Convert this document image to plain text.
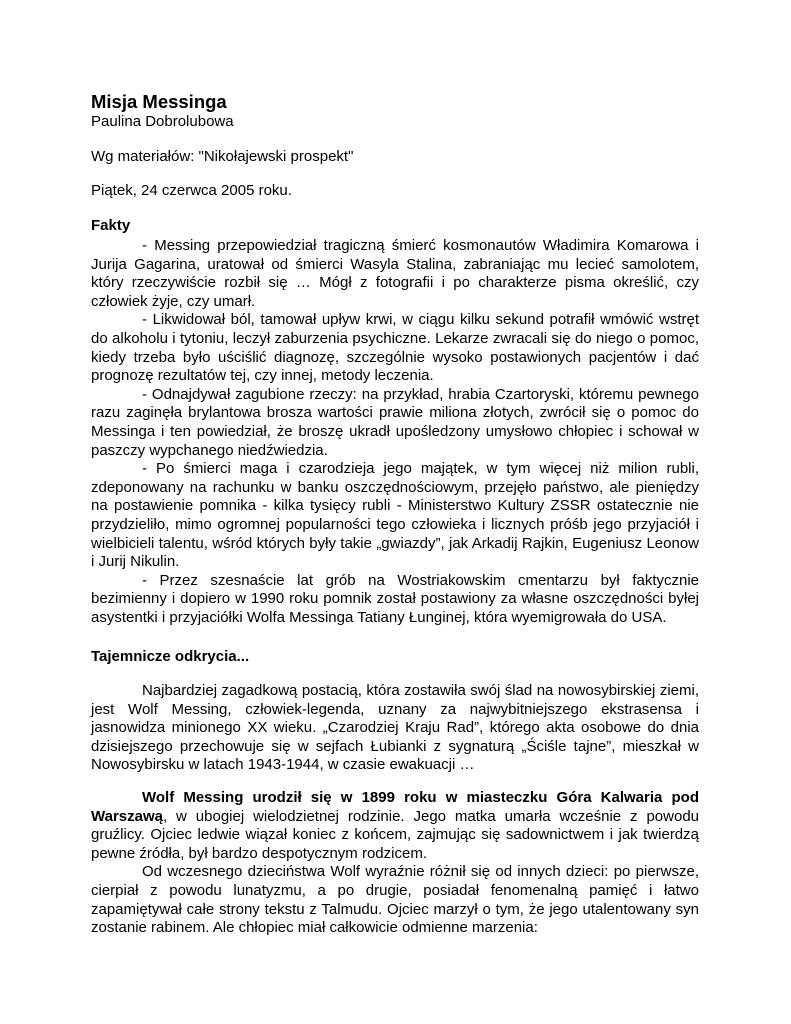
Misja Messinga
Paulina Dobrolubowa
Wg materiałów: "Nikołajewski prospekt"
Piątek, 24 czerwca 2005 roku.
Fakty

- Messing przepowiedział tragiczną śmierć kosmonautów Władimira Komarowa i Jurija Gagarina, uratował od śmierci Wasyla Stalina, zabraniając mu lecieć samolotem, który rzeczywiście rozbił się … Mógł z fotografii i po charakterze pisma określić, czy człowiek żyje, czy umarł.

- Likwidował ból, tamował upływ krwi, w ciągu kilku sekund potrafił wmówić wstręt do alkoholu i tytoniu, leczył zaburzenia psychiczne. Lekarze zwracali się do niego o pomoc, kiedy trzeba było uściślić diagnozę, szczególnie wysoko postawionych pacjentów i dać prognozę rezultatów tej, czy innej, metody leczenia.

- Odnajdywał zagubione rzeczy: na przykład, hrabia Czartoryski, któremu pewnego razu zaginęła brylantowa brosza wartości prawie miliona złotych, zwrócił się o pomoc do Messinga i ten powiedział, że broszę ukradł upośledzony umysłowo chłopiec i schował w paszczy wypchanego niedźwiedzia.

- Po śmierci maga i czarodzieja jego majątek, w tym więcej niż milion rubli, zdeponowany na rachunku w banku oszczędnościowym, przejęło państwo, ale pieniędzy na postawienie pomnika - kilka tysięcy rubli - Ministerstwo Kultury ZSSR ostatecznie nie przydzieliło, mimo ogromnej popularności tego człowieka i licznych próśb jego przyjaciół i wielbicieli talentu, wśród których były takie „gwiazdy”, jak Arkadij Rajkin, Eugeniusz Leonow i Jurij Nikulin.

- Przez szesnaście lat grób na Wostriakowskim cmentarzu był faktycznie bezimienny i dopiero w 1990 roku pomnik został postawiony za własne oszczędności byłej asystentki i przyjaciółki Wolfa Messinga Tatiany Łunginej, która wyemigrowała do USA.

Tajemnicze odkrycia...

Najbardziej zagadkową postacią, która zostawiła swój ślad na nowosybirskiej ziemi, jest Wolf Messing, człowiek-legenda, uznany za najwybitniejszego ekstrasensa i jasnowidza minionego XX wieku. „Czarodziej Kraju Rad”, którego akta osobowe do dnia dzisiejszego przechowuje się w sejfach Łubianki z sygnaturą „Ściśle tajne”, mieszkał w Nowosybirsku w latach 1943-1944, w czasie ewakuacji …

Wolf Messing urodził się w 1899 roku w miasteczku Góra Kalwaria pod Warszawą, w ubogiej wielodzietnej rodzinie. Jego matka umarła wcześnie z powodu gruźlicy. Ojciec ledwie wiązał koniec z końcem, zajmując się sadownictwem i jak twierdzą pewne źródła, był bardzo despotycznym rodzicem.

Od wczesnego dzieciństwa Wolf wyraźnie różnił się od innych dzieci: po pierwsze, cierpiał z powodu lunatyzmu, a po drugie, posiadał fenomenalną pamięć i łatwo zapamiętywał całe strony tekstu z Talmudu. Ojciec marzył o tym, że jego utalentowany syn zostanie rabinem. Ale chłopiec miał całkowicie odmienne marzenia:
